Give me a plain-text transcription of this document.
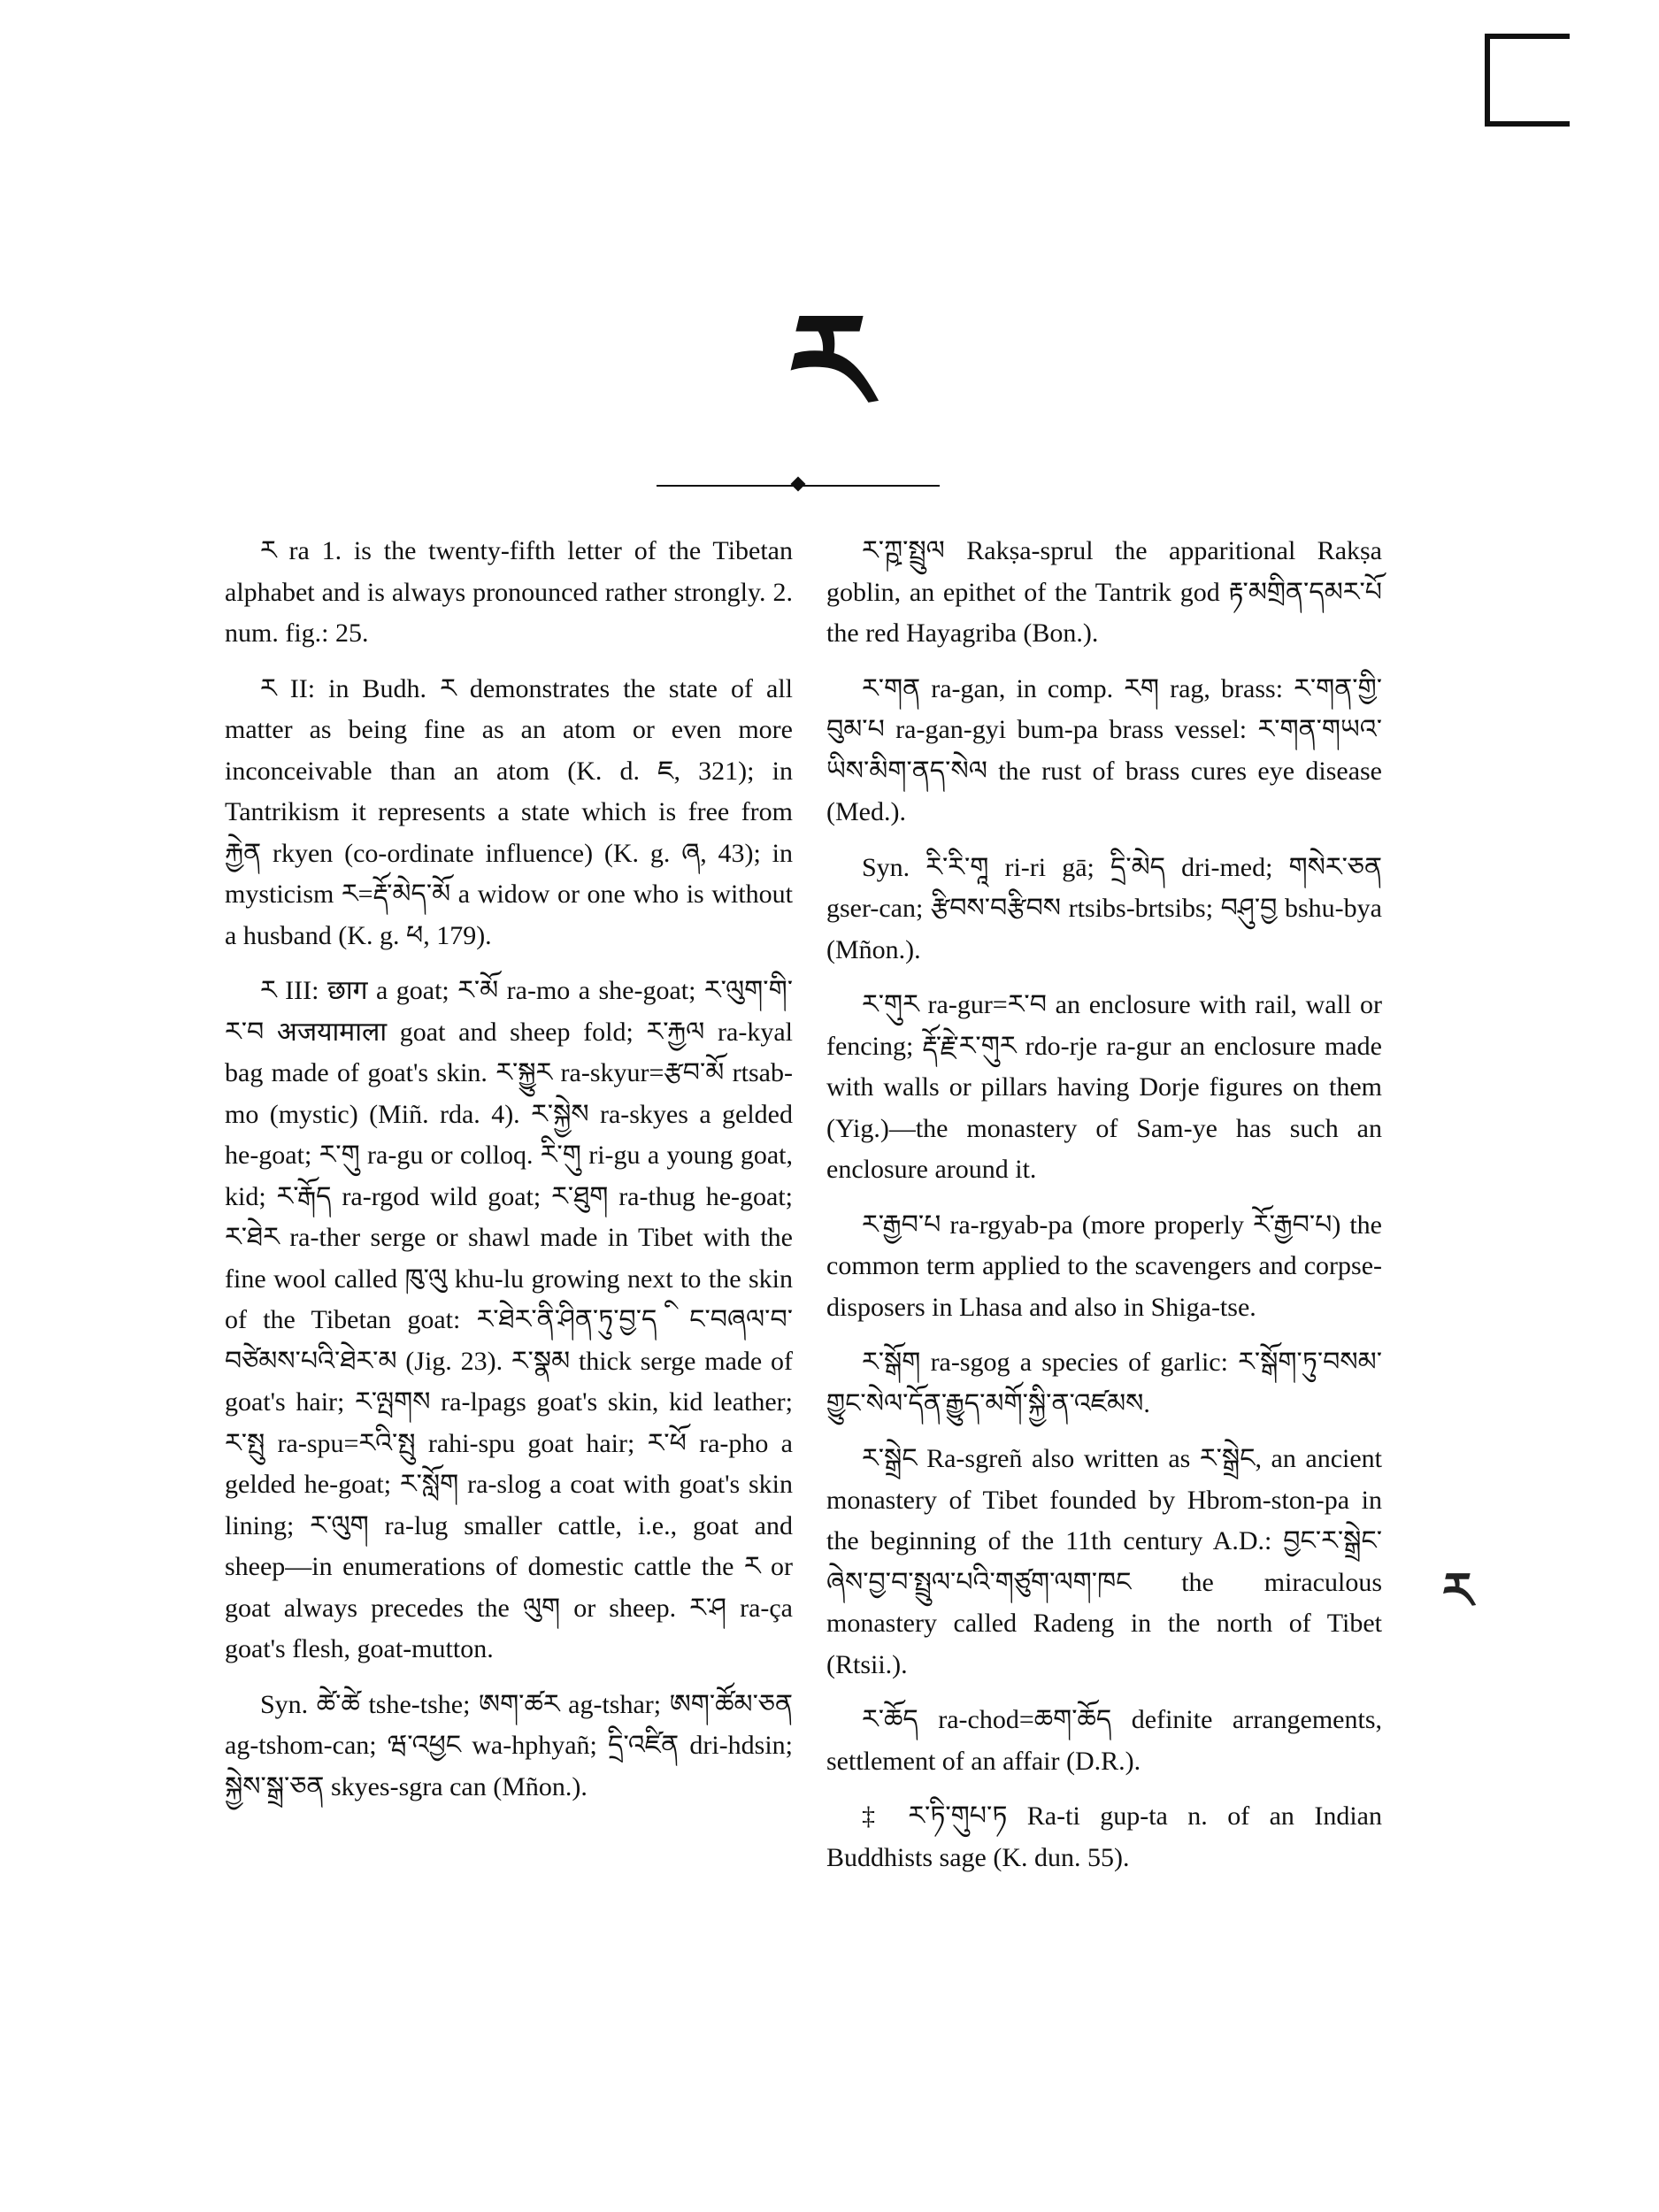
ར

ར ra 1. is the twenty-fifth letter of the Tibetan alphabet and is always pronounced rather strongly. 2. num. fig.: 25.

ར II: in Budh. ར demonstrates the state of all matter as being fine as an atom or even more inconceivable than an atom (K. d. ཇ, 321); in Tantrikism it represents a state which is free from རྐྱེན rkyen (co-ordinate influence) (K. g. ཞ, 43); in mysticism ར=རྡོ་མེད་མོ a widow or one who is without a husband (K. g. ཕ, 179).

ར III: छाग a goat; ར་མོ ra-mo a she-goat; ར་ལུག་གི་ར་བ अजयामाला goat and sheep fold; ར་རྐྱལ ra-kyal bag made of goat's skin. ར་སྐྱུར ra-skyur=རྩབ་མོ rtsab-mo (mystic) (Miñ. rda. 4). ར་སྐྱེས ra-skyes a gelded he-goat; ར་གུ ra-gu or colloq. རི་གུ ri-gu a young goat, kid; ར་རྒོད ra-rgod wild goat; ར་ཐུག ra-thug he-goat; ར་ཐེར ra-ther serge or shawl made in Tibet with the fine wool called ཁུ་ལུ khu-lu growing next to the skin of the Tibetan goat: ར་ཐེར་ནི་ཤིན་ཏུ་བྱ་ད ི ང་བཞལ་བ་བཙེམས་པའི་ཐེར་མ (Jig. 23). ར་སྣམ thick serge made of goat's hair; ར་ལྤགས ra-lpags goat's skin, kid leather; ར་སྤུ ra-spu=རའི་སྤུ rahi-spu goat hair; ར་ཕོ ra-pho a gelded he-goat; ར་སློག ra-slog a coat with goat's skin lining; ར་ལུག ra-lug smaller cattle, i.e., goat and sheep—in enumerations of domestic cattle the ར or goat always precedes the ལུག or sheep. ར་ཤ ra-ça goat's flesh, goat-mutton.

Syn. ཚེ་ཚེ tshe-tshe; ཨག་ཚར ag-tshar; ཨག་ཚོམ་ཅན ag-tshom-can; ཝ་འཕྱང wa-hphyañ; དྲི་འཛིན dri-hdsin; སྐྱེས་སྒྲ་ཅན skyes-sgra can (Mñon.).

ར་ཀྵ་སྤྲུལ Rakṣa-sprul the apparitional Rakṣa goblin, an epithet of the Tantrik god རྟ་མགྲིན་དམར་པོ the red Hayagriba (Bon.).

ར་གན ra-gan, in comp. རག rag, brass: ར་གན་གྱི་བུམ་པ ra-gan-gyi bum-pa brass vessel: ར་གན་གཡའ་ཡིས་མིག་ནད་སེལ the rust of brass cures eye disease (Med.).

Syn. རི་རི་གཱ ri-ri gā; དྲི་མེད dri-med; གསེར་ཅན gser-can; རྩིབས་བརྩིབས rtsibs-brtsibs; བཤུ་བྱ bshu-bya (Mñon.).

ར་གུར ra-gur=ར་བ an enclosure with rail, wall or fencing; རྡོ་རྗེ་ར་གུར rdo-rje ra-gur an enclosure made with walls or pillars having Dorje figures on them (Yig.)—the monastery of Sam-ye has such an enclosure around it.

ར་རྒྱབ་པ ra-rgyab-pa (more properly རོ་རྒྱབ་པ) the common term applied to the scavengers and corpse-disposers in Lhasa and also in Shiga-tse.

ར་སྒོག ra-sgog a species of garlic: ར་སྒོག་ཏུ་བསམ་གྱུང་སེལ་དོན་རྒྱུད་མགོ་སྐྱི་ན་འཛམས.

ར་སྒྲེང Ra-sgreñ also written as ར་སྒྲེང, an ancient monastery of Tibet founded by Hbrom-ston-pa in the beginning of the 11th century A.D.: བྱང་ར་སྒྲེང་ཞེས་བྱ་བ་སྤྲུལ་པའི་གཙུག་ལག་ཁང the miraculous monastery called Radeng in the north of Tibet (Rtsii.).

ར་ཆོད ra-chod=ཆག་ཆོད definite arrangements, settlement of an affair (D.R.).

‡ ར་ཏི་གུཔ་ཏ Ra-ti gup-ta n. of an Indian Buddhists sage (K. dun. 55).

ར
